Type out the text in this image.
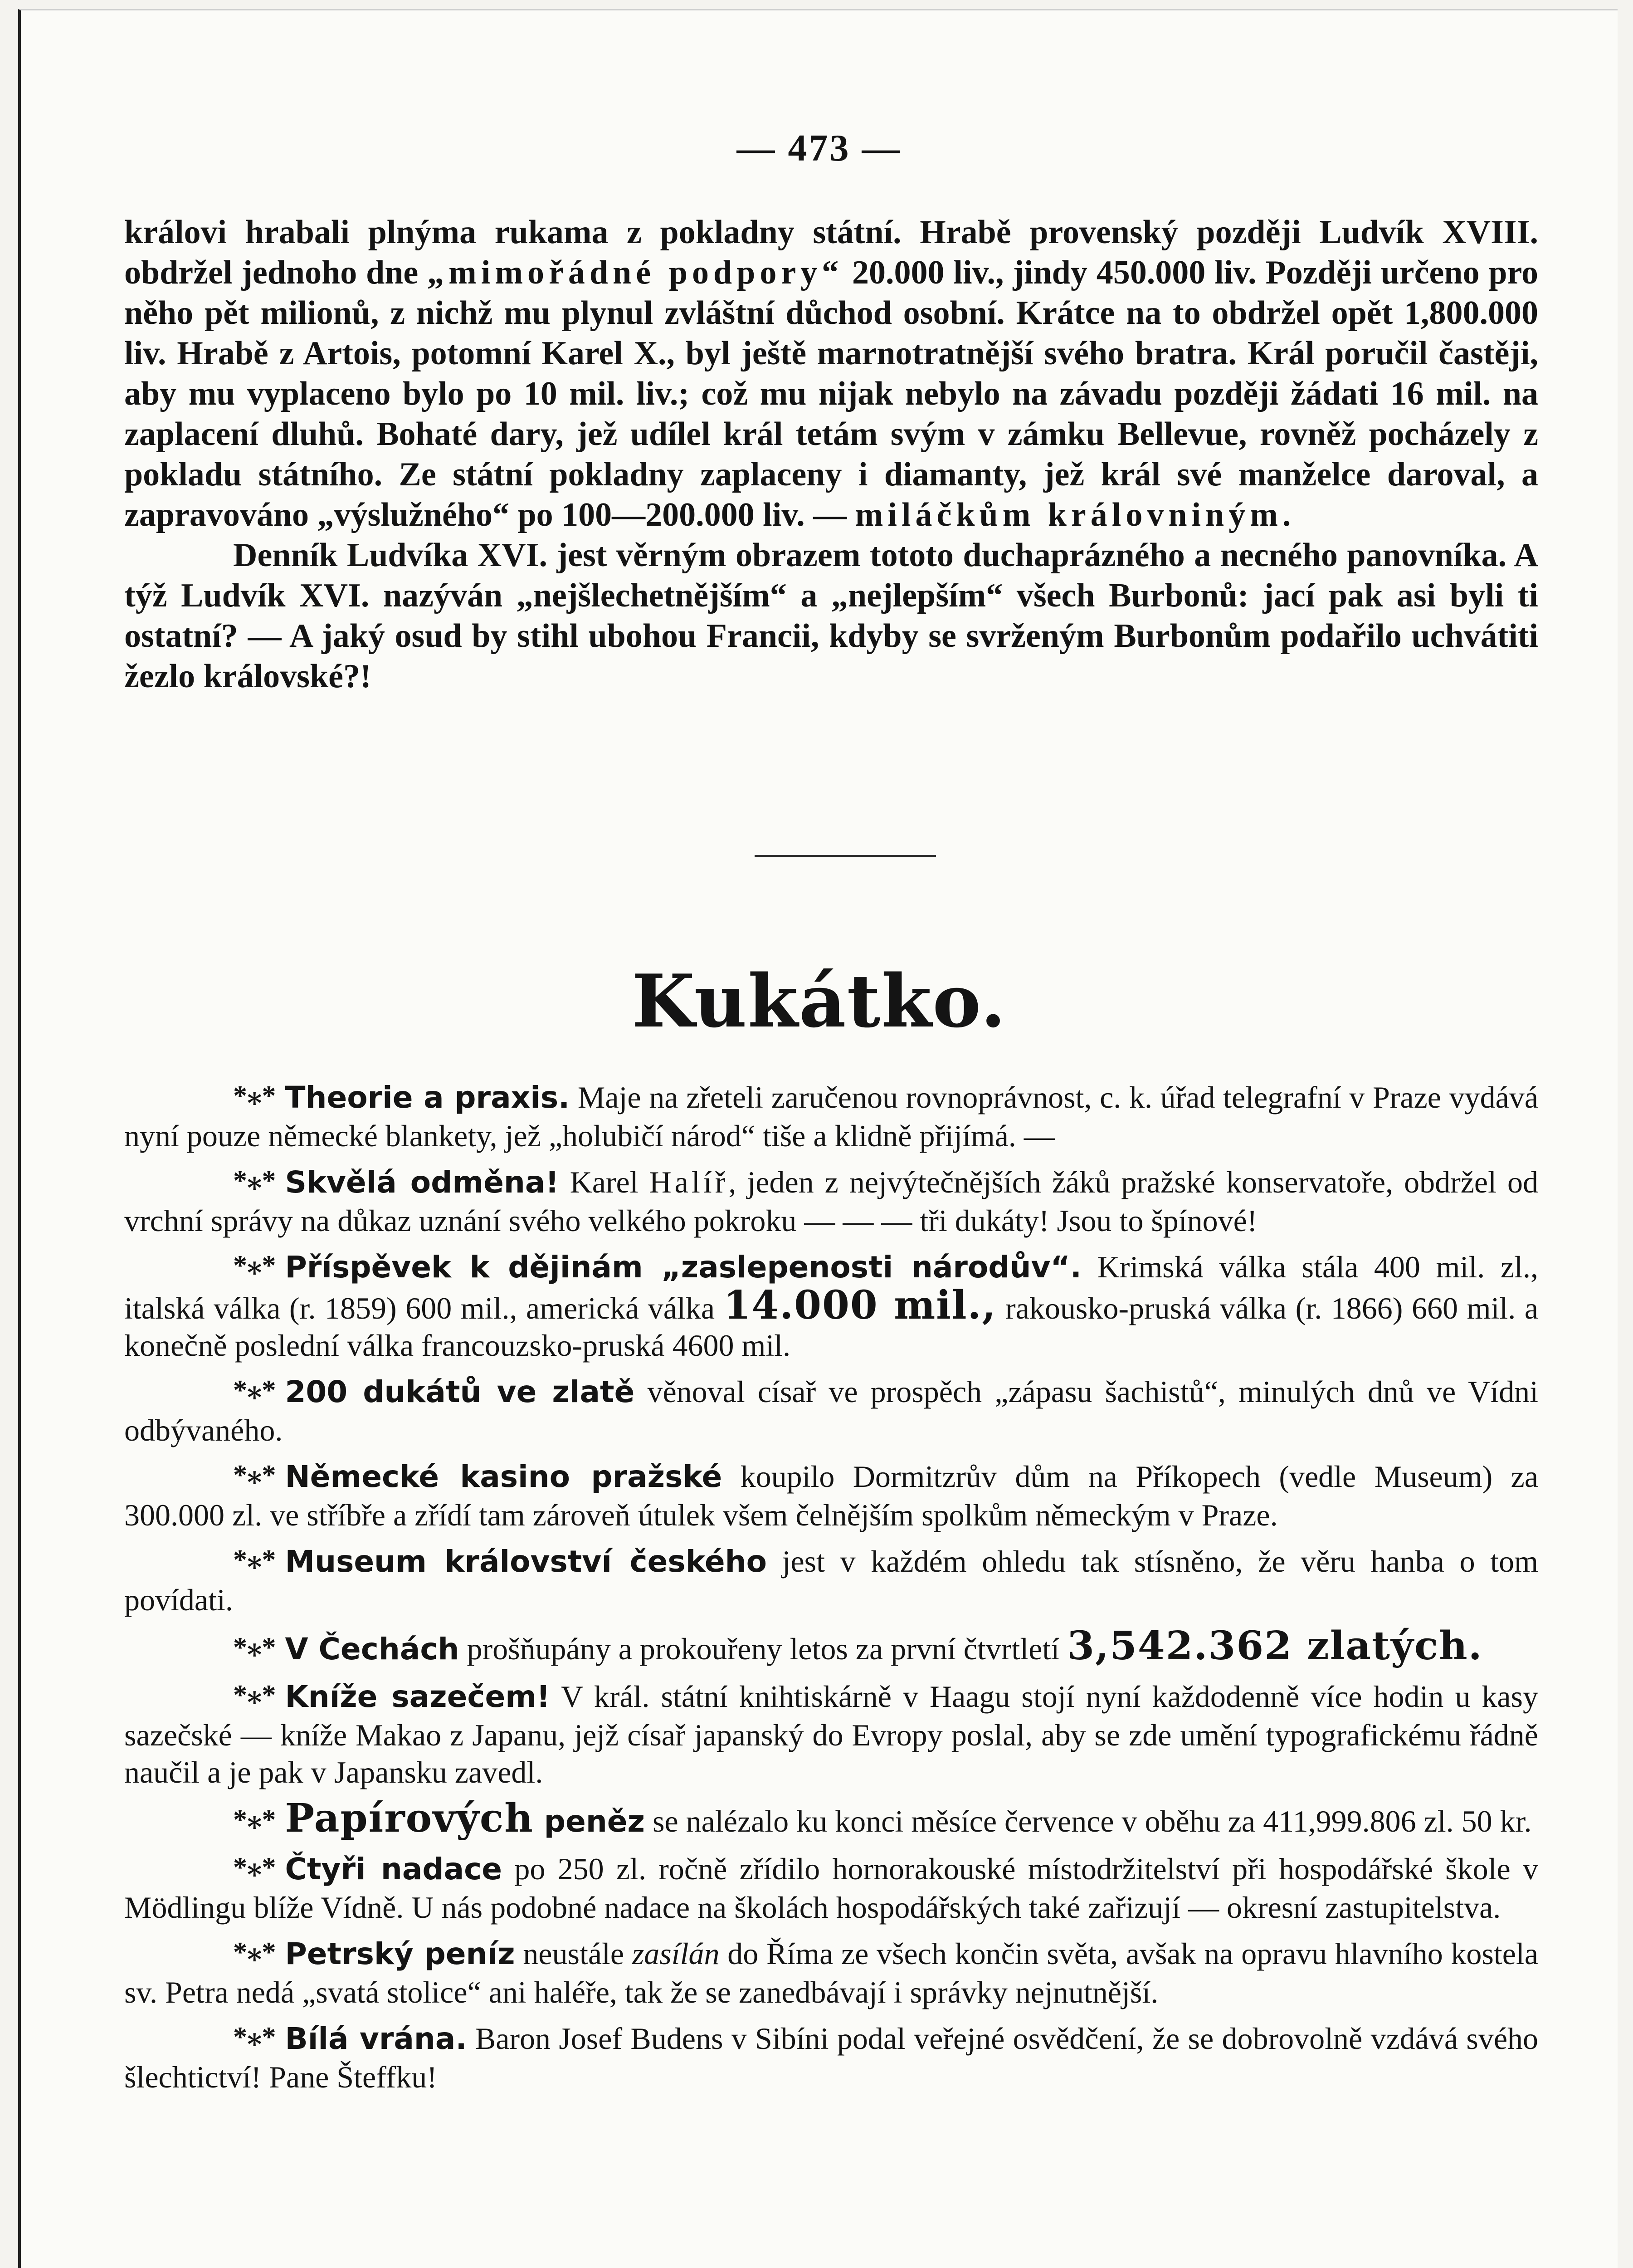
— 473 —

královi hrabali plnýma rukama z pokladny státní. Hrabě provenský později Ludvík XVIII. obdržel jednoho dne „mimořádné podpory“ 20.000 liv., jindy 450.000 liv. Později určeno pro něho pět milionů, z nichž mu plynul zvláštní důchod osobní. Krátce na to obdržel opět 1,800.000 liv. Hrabě z Artois, potomní Karel X., byl ještě marnotratnější svého bratra. Král poručil častěji, aby mu vyplaceno bylo po 10 mil. liv.; což mu nijak nebylo na závadu později žádati 16 mil. na zaplacení dluhů. Bohaté dary, jež udílel král tetám svým v zámku Bellevue, rovněž pocházely z pokladu státního. Ze státní pokladny zaplaceny i diamanty, jež král své manželce daroval, a zapravováno „výslužného“ po 100—200.000 liv. — miláčkům královniným.

Denník Ludvíka XVI. jest věrným obrazem tototo duchaprázného a necného panovníka. A týž Ludvík XVI. nazýván „nejšlechetnějším“ a „nejlepším“ všech Burbonů: jací pak asi byli ti ostatní? — A jaký osud by stihl ubohou Francii, kdyby se svrženým Burbonům podařilo uchvátiti žezlo královské?!

Kukátko.

*⁎* Theorie a praxis. Maje na zřeteli zaručenou rovnoprávnost, c. k. úřad telegrafní v Praze vydává nyní pouze německé blankety, jež „holubičí národ“ tiše a klidně přijímá. —

*⁎* Skvělá odměna! Karel Halíř, jeden z nejvýtečnějších žáků pražské konservatoře, obdržel od vrchní správy na důkaz uznání svého velkého pokroku — — — tři dukáty! Jsou to špínové!

*⁎* Příspěvek k dějinám „zaslepenosti národův“. Krimská válka stála 400 mil. zl., italská válka (r. 1859) 600 mil., americká válka 14.000 mil., rakousko-pruská válka (r. 1866) 660 mil. a konečně poslední válka francouzsko-pruská 4600 mil.

*⁎* 200 dukátů ve zlatě věnoval císař ve prospěch „zápasu šachistů“, minulých dnů ve Vídni odbývaného.

*⁎* Německé kasino pražské koupilo Dormitzrův dům na Příkopech (vedle Museum) za 300.000 zl. ve stříbře a zřídí tam zároveň útulek všem čelnějším spolkům německým v Praze.

*⁎* Museum království českého jest v každém ohledu tak stísněno, že věru hanba o tom povídati.

*⁎* V Čechách prošňupány a prokouřeny letos za první čtvrtletí 3,542.362 zlatých.

*⁎* Kníže sazečem! V král. státní knihtiskárně v Haagu stojí nyní každodenně více hodin u kasy sazečské — kníže Makao z Japanu, jejž císař japanský do Evropy poslal, aby se zde umění typografickému řádně naučil a je pak v Japansku zavedl.

*⁎* Papírových peněz se nalézalo ku konci měsíce července v oběhu za 411,999.806 zl. 50 kr.

*⁎* Čtyři nadace po 250 zl. ročně zřídilo hornorakouské místodržitelství při hospodářské škole v Mödlingu blíže Vídně. U nás podobné nadace na školách hospodářských také zařizují — okresní zastupitelstva.

*⁎* Petrský peníz neustále zasílán do Říma ze všech končin světa, avšak na opravu hlavního kostela sv. Petra nedá „svatá stolice“ ani haléře, tak že se zanedbávají i správky nejnutnější.

*⁎* Bílá vrána. Baron Josef Budens v Sibíni podal veřejné osvědčení, že se dobrovolně vzdává svého šlechtictví! Pane Šteffku!
